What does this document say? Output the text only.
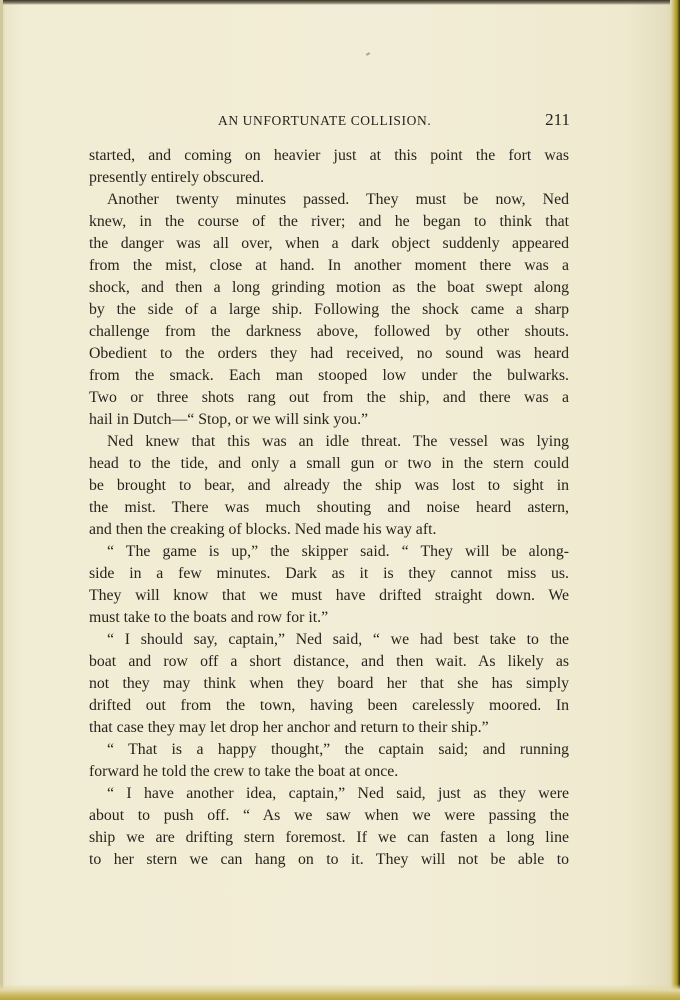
AN UNFORTUNATE COLLISION.	211
started, and coming on heavier just at this point the fort was
presently entirely obscured.
Another twenty minutes passed. They must be now, Ned
knew, in the course of the river; and he began to think that
the danger was all over, when a dark object suddenly appeared
from the mist, close at hand. In another moment there was a
shock, and then a long grinding motion as the boat swept along
by the side of a large ship. Following the shock came a sharp
challenge from the darkness above, followed by other shouts.
Obedient to the orders they had received, no sound was heard
from the smack. Each man stooped low under the bulwarks.
Two or three shots rang out from the ship, and there was a
hail in Dutch—“ Stop, or we will sink you.”
Ned knew that this was an idle threat. The vessel was lying
head to the tide, and only a small gun or two in the stern could
be brought to bear, and already the ship was lost to sight in
the mist. There was much shouting and noise heard astern,
and then the creaking of blocks. Ned made his way aft.
“ The game is up,” the skipper said. “ They will be along-
side in a few minutes. Dark as it is they cannot miss us.
They will know that we must have drifted straight down. We
must take to the boats and row for it.”
“ I should say, captain,” Ned said, “ we had best take to the
boat and row off a short distance, and then wait. As likely as
not they may think when they board her that she has simply
drifted out from the town, having been carelessly moored. In
that case they may let drop her anchor and return to their ship.”
“ That is a happy thought,” the captain said; and running
forward he told the crew to take the boat at once.
“ I have another idea, captain,” Ned said, just as they were
about to push off. “ As we saw when we were passing the
ship we are drifting stern foremost. If we can fasten a long line
to her stern we can hang on to it. They will not be able to
